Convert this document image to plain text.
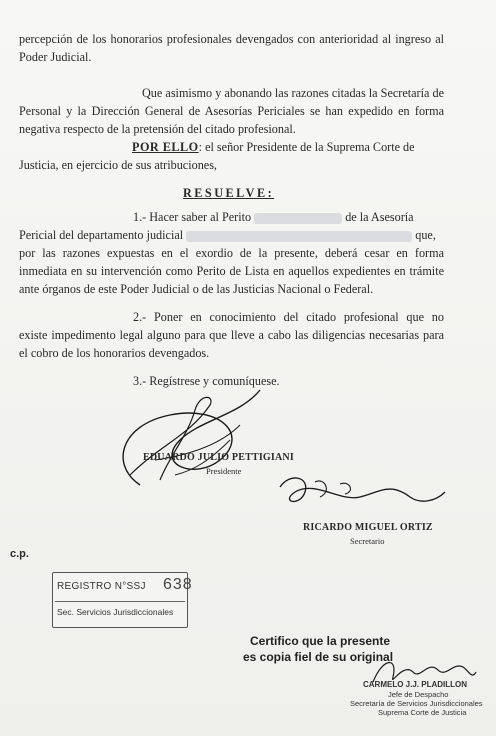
percepción de los honorarios profesionales devengados con anterioridad al ingreso al
Poder Judicial.
Que asimismo y abonando las razones citadas la Secretaría de
Personal y la Dirección General de Asesorías Periciales se han expedido en forma
negativa respecto de la pretensión del citado profesional.
POR ELLO: el señor Presidente de la Suprema Corte de
Justicia, en ejercicio de sus atribuciones,
RESUELVE:
1.- Hacer saber al Perito	de la Asesoría
Pericial del departamento judicial	que,
por las razones expuestas en el exordio de la presente, deberá cesar en forma
inmediata en su intervención como Perito de Lista en aquellos expedientes en trámite
ante órganos de este Poder Judicial o de las Justicias Nacional o Federal.
2.- Poner en conocimiento del citado profesional que no
existe impedimento legal alguno para que lleve a cabo las diligencias necesarias para
el cobro de los honorarios devengados.
3.- Regístrese y comuníquese.
EDUARDO JULIO PETTIGIANI
Presidente
RICARDO MIGUEL ORTIZ
Secretario
c.p.
REGISTRO N°SSJ 638
Sec. Servicios Jurisdiccionales
Certifico que la presente
es copia fiel de su original
CARMELO J.J. PLADILLON
Jefe de Despacho
Secretaría de Servicios Jurisdiccionales
Suprema Corte de Justicia
